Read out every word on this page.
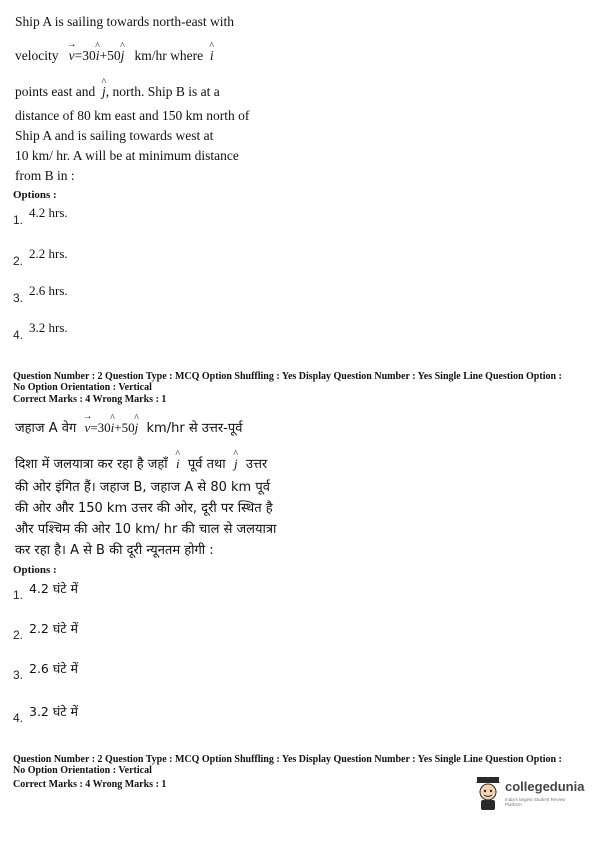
Ship A is sailing towards north-east with
velocity → v=30^ i+50^ j km/hr where ^ i
points east and ^ j, north. Ship B is at a
distance of 80 km east and 150 km north of
Ship A and is sailing towards west at
10 km/ hr. A will be at minimum distance
from B in :
Options :
1. 4.2 hrs.
2. 2.2 hrs.
3. 2.6 hrs.
4. 3.2 hrs.
Question Number : 2 Question Type : MCQ Option Shuffling : Yes Display Question Number : Yes Single Line Question Option :
No Option Orientation : Vertical
Correct Marks : 4 Wrong Marks : 1
जहाज A वेग → v=30^ i+50^ j km/hr से उत्तर-पूर्व
दिशा में जलयात्रा कर रहा है जहाँ ^ i पूर्व तथा ^ j उत्तर
की ओर इंगित हैं। जहाज B, जहाज A से 80 km पूर्व
की ओर और 150 km उत्तर की ओर, दूरी पर स्थित है
और पश्चिम की ओर 10 km/ hr की चाल से जलयात्रा
कर रहा है। A से B की दूरी न्यूनतम होगी :
Options :
1. 4.2 घंटे में
2. 2.2 घंटे में
3. 2.6 घंटे में
4. 3.2 घंटे में
Question Number : 2 Question Type : MCQ Option Shuffling : Yes Display Question Number : Yes Single Line Question Option :
No Option Orientation : Vertical
Correct Marks : 4 Wrong Marks : 1	collegedunia
India's largest Student Review Platform
